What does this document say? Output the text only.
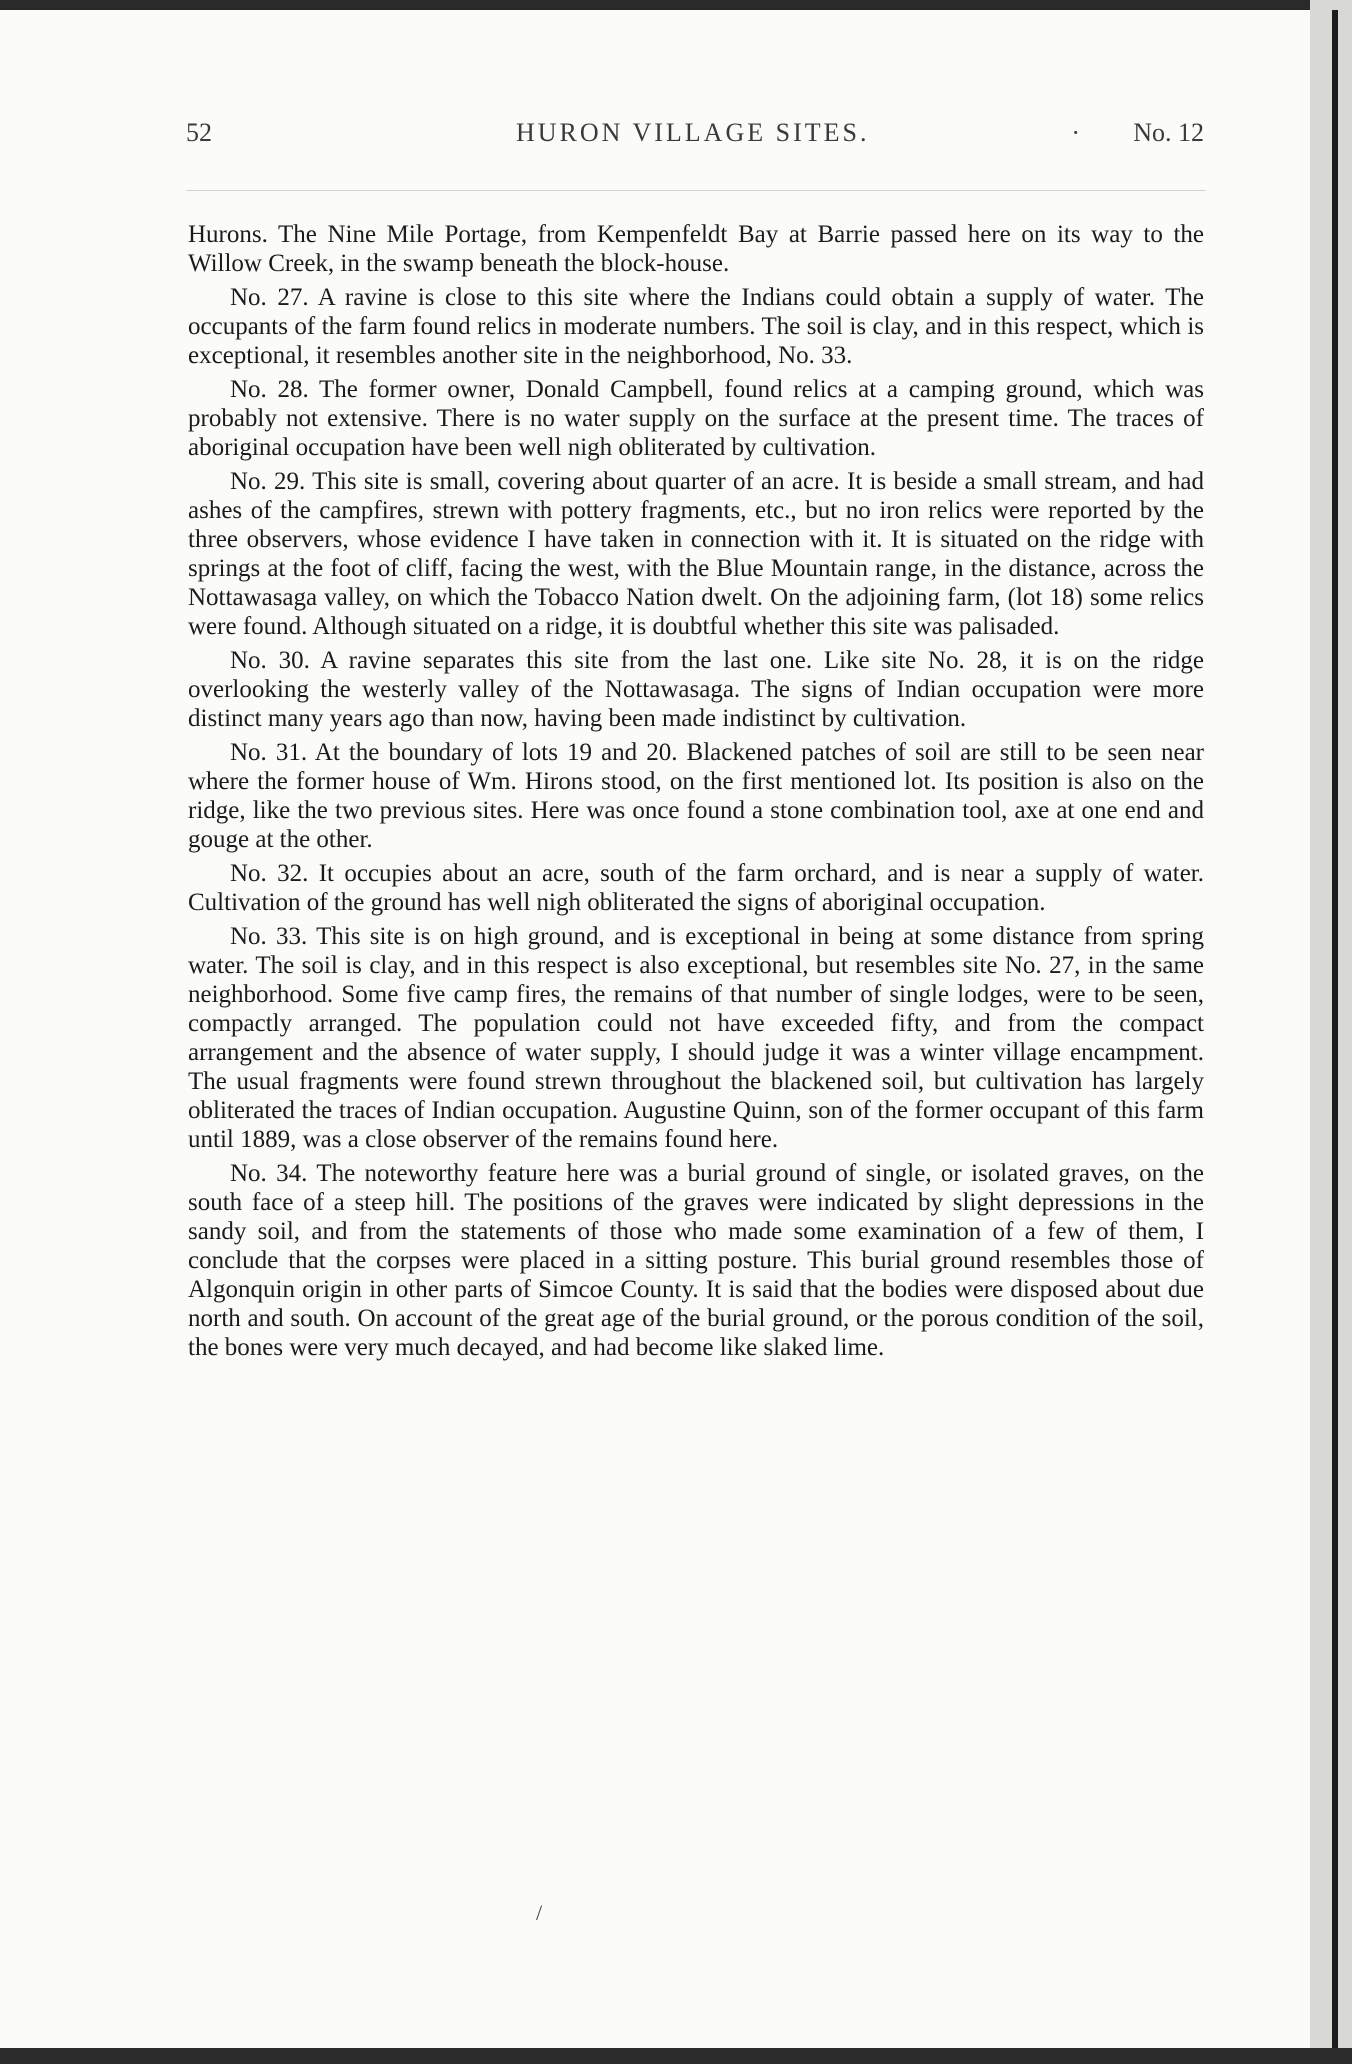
52	HURON VILLAGE SITES.	· No. 12

Hurons. The Nine Mile Portage, from Kempenfeldt Bay at Barrie passed here on its way to the Willow Creek, in the swamp beneath the block-house.

No. 27. A ravine is close to this site where the Indians could obtain a supply of water. The occupants of the farm found relics in moderate numbers. The soil is clay, and in this respect, which is exceptional, it resembles another site in the neighborhood, No. 33.

No. 28. The former owner, Donald Campbell, found relics at a camping ground, which was probably not extensive. There is no water supply on the surface at the present time. The traces of aboriginal occupation have been well nigh obliterated by cultivation.

No. 29. This site is small, covering about quarter of an acre. It is beside a small stream, and had ashes of the campfires, strewn with pottery fragments, etc., but no iron relics were reported by the three observers, whose evidence I have taken in connection with it. It is situated on the ridge with springs at the foot of cliff, facing the west, with the Blue Mountain range, in the distance, across the Nottawasaga valley, on which the Tobacco Nation dwelt. On the adjoining farm, (lot 18) some relics were found. Although situated on a ridge, it is doubtful whether this site was palisaded.

No. 30. A ravine separates this site from the last one. Like site No. 28, it is on the ridge overlooking the westerly valley of the Nottawasaga. The signs of Indian occupation were more distinct many years ago than now, having been made indistinct by cultivation.

No. 31. At the boundary of lots 19 and 20. Blackened patches of soil are still to be seen near where the former house of Wm. Hirons stood, on the first mentioned lot. Its position is also on the ridge, like the two previous sites. Here was once found a stone combination tool, axe at one end and gouge at the other.

No. 32. It occupies about an acre, south of the farm orchard, and is near a supply of water. Cultivation of the ground has well nigh obliterated the signs of aboriginal occupation.

No. 33. This site is on high ground, and is exceptional in being at some distance from spring water. The soil is clay, and in this respect is also exceptional, but resembles site No. 27, in the same neighborhood. Some five camp fires, the remains of that number of single lodges, were to be seen, compactly arranged. The population could not have exceeded fifty, and from the compact arrangement and the absence of water supply, I should judge it was a winter village encampment. The usual fragments were found strewn throughout the blackened soil, but cultivation has largely obliterated the traces of Indian occupation. Augustine Quinn, son of the former occupant of this farm until 1889, was a close observer of the remains found here.

No. 34. The noteworthy feature here was a burial ground of single, or isolated graves, on the south face of a steep hill. The positions of the graves were indicated by slight depressions in the sandy soil, and from the statements of those who made some examination of a few of them, I conclude that the corpses were placed in a sitting posture. This burial ground resembles those of Algonquin origin in other parts of Simcoe County. It is said that the bodies were disposed about due north and south. On account of the great age of the burial ground, or the porous condition of the soil, the bones were very much decayed, and had become like slaked lime.

/
